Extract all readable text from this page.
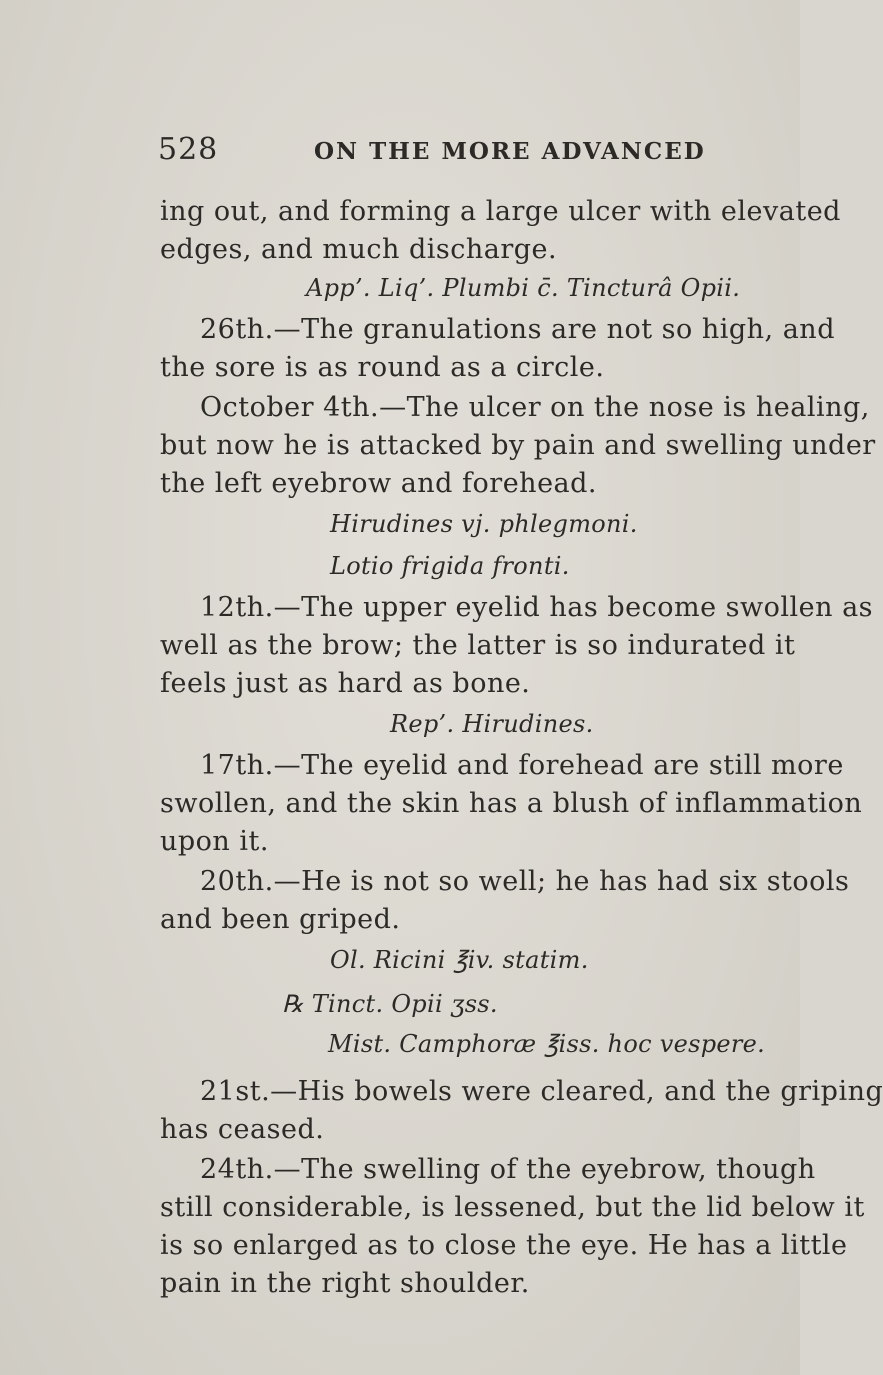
528	ON THE MORE ADVANCED
ing out, and forming a large ulcer with elevated
edges, and much discharge.
App’. Liq’. Plumbi c̄. Tincturâ Opii.
26th.—The granulations are not so high, and
the sore is as round as a circle.
October 4th.—The ulcer on the nose is healing,
but now he is attacked by pain and swelling under
the left eyebrow and forehead.
Hirudines vj. phlegmoni.
Lotio frigida fronti.
12th.—The upper eyelid has become swollen as
well as the brow; the latter is so indurated it
feels just as hard as bone.
Rep’. Hirudines.
17th.—The eyelid and forehead are still more
swollen, and the skin has a blush of inflammation
upon it.
20th.—He is not so well; he has had six stools
and been griped.
Ol. Ricini ℥iv. statim.
℞ Tinct. Opii ʒss.
Mist. Camphoræ ℥iss. hoc vespere.
21st.—His bowels were cleared, and the griping
has ceased.
24th.—The swelling of the eyebrow, though
still considerable, is lessened, but the lid below it
is so enlarged as to close the eye. He has a little
pain in the right shoulder.
